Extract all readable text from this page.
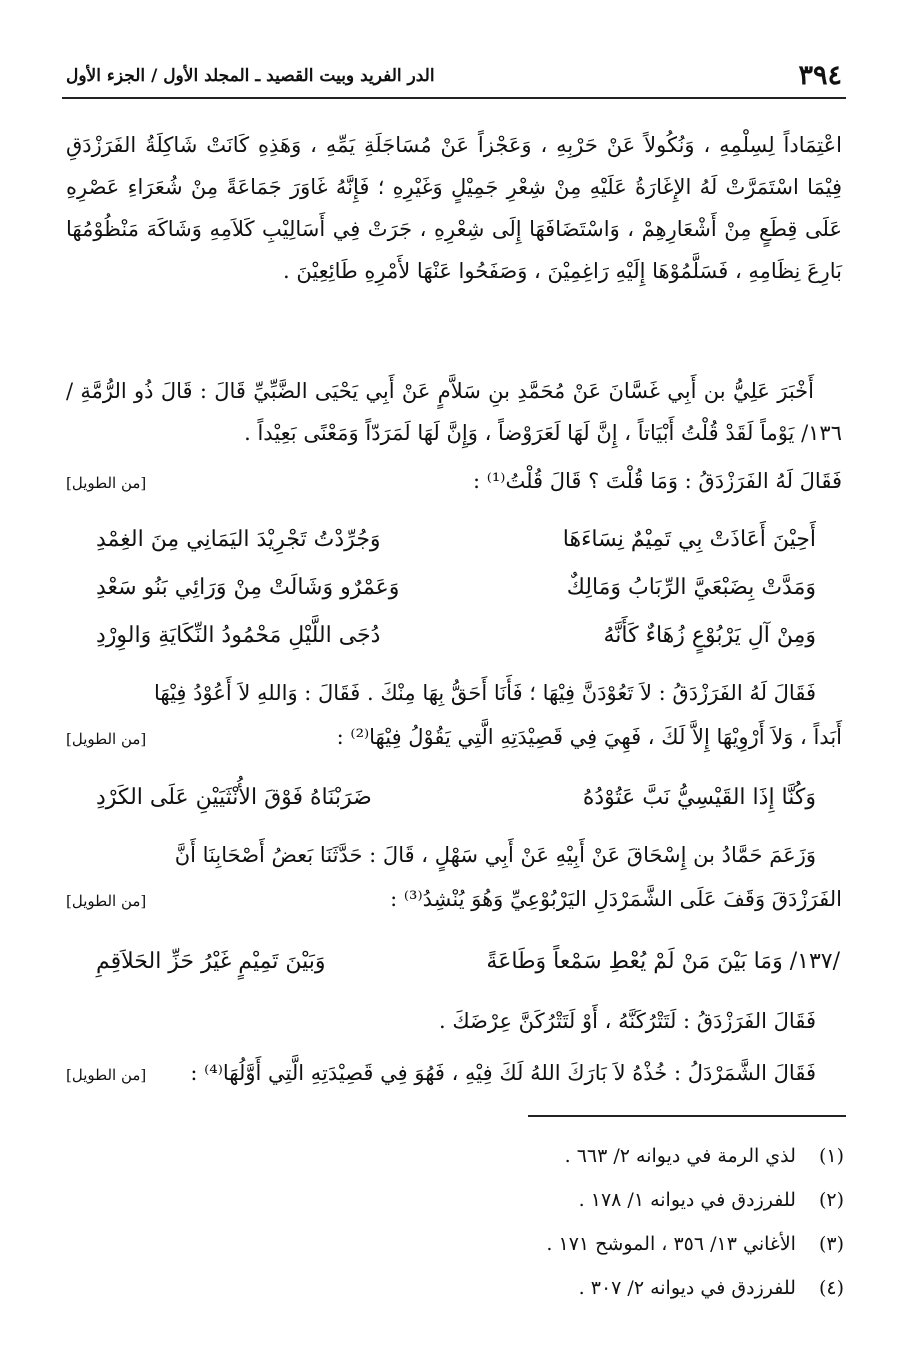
٣٩٤
الدر الفريد وبيت القصيد ـ المجلد الأول / الجزء الأول
اعْتِمَاداً لِسِلْمِهِ ، وَنُكُولاً عَنْ حَرْبِهِ ، وَعَجْزاً عَنْ مُسَاجَلَةِ يَمِّهِ ، وَهَذِهِ كَانَتْ شَاكِلَةُ الفَرَزْدَقِ فِيْمَا اسْتَمَرَّتْ لَهُ الإِغَارَةُ عَلَيْهِ مِنْ شِعْرِ جَمِيْلٍ وَغَيْرِهِ ؛ فَإِنَّهُ غَاوَرَ جَمَاعَةً مِنْ شُعَرَاءِ عَصْرِهِ عَلَى قِطَعٍ مِنْ أَشْعَارِهِمْ ، وَاسْتَضَافَهَا إِلَى شِعْرِهِ ، جَرَتْ فِي أَسَالِيْبِ كَلاَمِهِ وَشَاكَهَ مَنْظُوْمُهَا بَارِعَ نِظَامِهِ ، فَسَلَّمُوْهَا إِلَيْهِ رَاغِمِيْنَ ، وَصَفَحُوا عَنْهَا لأَمْرِهِ طَائِعِيْنَ .
أَخْبَرَ عَلِيُّ بن أَبِي غَسَّانَ عَنْ مُحَمَّدِ بنِ سَلاَّمٍ عَنْ أَبِي يَحْيَى الضَّبِّيِّ قَالَ : قَالَ ذُو الرُّمَّةِ /١٣٦/ يَوْماً لَقَدْ قُلْتُ أَبْيَاتاً ، إِنَّ لَهَا لَعَرَوْضاً ، وَإِنَّ لَهَا لَمَرَدّاً وَمَعْنًى بَعِيْداً .
فَقَالَ لَهُ الفَرَزْدَقُ : وَمَا قُلْتَ ؟ قَالَ قُلْتُ⁽¹⁾ :
[من الطويل]
أَحِيْنَ أَعَاذَتْ بِي تَمِيْمٌ نِسَاءَهَا
وَجُرِّدْتُ تَجْرِيْدَ اليَمَانِي مِنَ الغِمْدِ
وَمَدَّتْ بِضَبْعَيَّ الرِّبَابُ وَمَالِكٌ
وَعَمْرٌو وَشَالَتْ مِنْ وَرَائِي بَنُو سَعْدِ
وَمِنْ آلِ يَرْبُوْعٍ زُهَاءٌ كَأَنَّهُ
دُجَى اللَّيْلِ مَحْمُودُ النِّكَايَةِ وَالوِرْدِ
فَقَالَ لَهُ الفَرَزْدَقُ : لاَ تَعُوْدَنَّ فِيْهَا ؛ فَأَنَا أَحَقُّ بِهَا مِنْكَ . فَقَالَ : وَاللهِ لاَ أَعُوْدُ فِيْهَا
أَبَداً ، وَلاَ أَرْوِيْهَا إِلاَّ لَكَ ، فَهِيَ فِي قَصِيْدَتِهِ الَّتِي يَقُوْلُ فِيْهَا⁽²⁾ :
[من الطويل]
وَكُنَّا إِذَا القَيْسِيُّ نَبَّ عَتُوْدُهُ
ضَرَبْنَاهُ فَوْقَ الأُنْثَيَيْنِ عَلَى الكَرْدِ
وَزَعَمَ حَمَّادُ بن إِسْحَاقَ عَنْ أَبِيْهِ عَنْ أَبِي سَهْلٍ ، قَالَ : حَدَّثَنَا بَعضُ أَصْحَابِنَا أَنَّ
الفَرَزْدَقَ وَقَفَ عَلَى الشَّمَرْدَلِ اليَرْبُوْعِيِّ وَهُوَ يُنْشِدُ⁽³⁾ :
[من الطويل]
/١٣٧/ وَمَا بَيْنَ مَنْ لَمْ يُعْطِ سَمْعاً وَطَاعَةً
وَبَيْنَ تَمِيْمٍ غَيْرُ حَزِّ الحَلاَقِمِ
فَقَالَ الفَرَزْدَقُ : لَتَتْرُكَنَّهُ ، أَوْ لَتَتْرُكَنَّ عِرْضَكَ .
فَقَالَ الشَّمَرْدَلُ : خُذْهُ لاَ بَارَكَ اللهُ لَكَ فِيْهِ ، فَهُوَ فِي قَصِيْدَتِهِ الَّتِي أَوَّلُهَا⁽⁴⁾ :
[من الطويل]
(١) لذي الرمة في ديوانه ٢/ ٦٦٣ .
(٢) للفرزدق في ديوانه ١/ ١٧٨ .
(٣) الأغاني ١٣/ ٣٥٦ ، الموشح ١٧١ .
(٤) للفرزدق في ديوانه ٢/ ٣٠٧ .
